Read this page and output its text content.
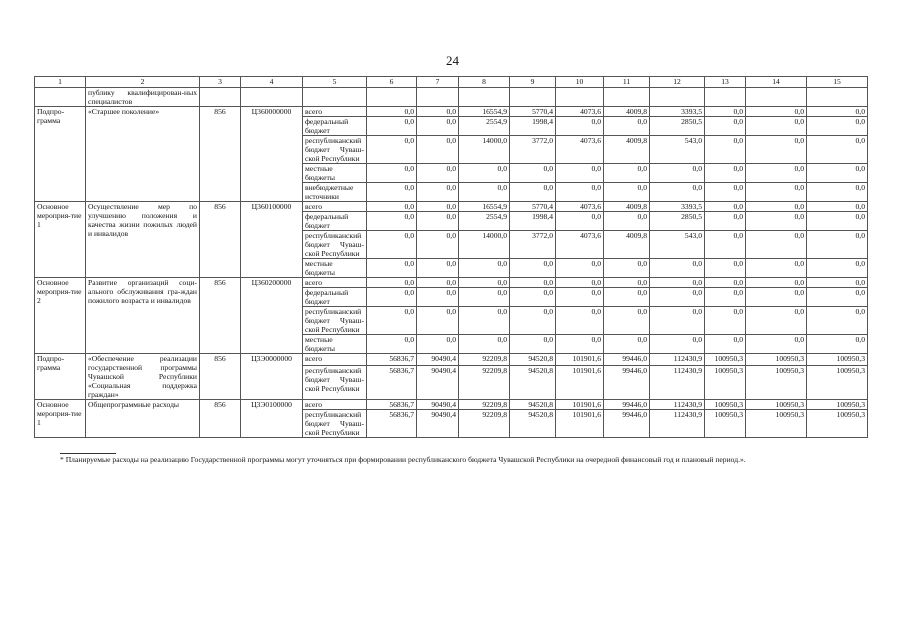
24
1	2	3	4	5	6	7	8	9	10	11	12	13	14	15
	публику квалифицирован-ных специалистов													
Подпро-грамма	«Старшее поколение»	856	Ц360000000	всего	0,0	0,0	16554,9	5770,4	4073,6	4009,8	3393,5	0,0	0,0	0,0
				федеральный бюджет	0,0	0,0	2554,9	1998,4	0,0	0,0	2850,5	0,0	0,0	0,0
				республиканский бюджет Чуваш-ской Республики	0,0	0,0	14000,0	3772,0	4073,6	4009,8	543,0	0,0	0,0	0,0
				местные бюджеты	0,0	0,0	0,0	0,0	0,0	0,0	0,0	0,0	0,0	0,0
				внебюджетные источники	0,0	0,0	0,0	0,0	0,0	0,0	0,0	0,0	0,0	0,0
Основное мероприя-тие 1	Осуществление мер по улучшению положения и качества жизни пожилых людей и инвалидов	856	Ц360100000	всего	0,0	0,0	16554,9	5770,4	4073,6	4009,8	3393,5	0,0	0,0	0,0
				федеральный бюджет	0,0	0,0	2554,9	1998,4	0,0	0,0	2850,5	0,0	0,0	0,0
				республиканский бюджет Чуваш-ской Республики	0,0	0,0	14000,0	3772,0	4073,6	4009,8	543,0	0,0	0,0	0,0
				местные бюджеты	0,0	0,0	0,0	0,0	0,0	0,0	0,0	0,0	0,0	0,0
Основное мероприя-тие 2	Развитие организаций соци-ального обслуживания гра-ждан пожилого возраста и инвалидов	856	Ц360200000	всего	0,0	0,0	0,0	0,0	0,0	0,0	0,0	0,0	0,0	0,0
				федеральный бюджет	0,0	0,0	0,0	0,0	0,0	0,0	0,0	0,0	0,0	0,0
				республиканский бюджет Чуваш-ской Республики	0,0	0,0	0,0	0,0	0,0	0,0	0,0	0,0	0,0	0,0
				местные бюджеты	0,0	0,0	0,0	0,0	0,0	0,0	0,0	0,0	0,0	0,0
Подпро-грамма	«Обеспечение реализации государственной программы Чувашской Республики «Социальная поддержка граждан»	856	Ц3Э0000000	всего	56836,7	90490,4	92209,8	94520,8	101901,6	99446,0	112430,9	100950,3	100950,3	100950,3
				республиканский бюджет Чуваш-ской Республики	56836,7	90490,4	92209,8	94520,8	101901,6	99446,0	112430,9	100950,3	100950,3	100950,3
Основное мероприя-тие 1	Общепрограммные расходы	856	Ц3Э0100000	всего	56836,7	90490,4	92209,8	94520,8	101901,6	99446,0	112430,9	100950,3	100950,3	100950,3
				республиканский бюджет Чуваш-ской Республики	56836,7	90490,4	92209,8	94520,8	101901,6	99446,0	112430,9	100950,3	100950,3	100950,3
* Планируемые расходы на реализацию Государственной программы могут уточняться при формировании республиканского бюджета Чувашской Республики на очередной финансовый год и плановый период.».
